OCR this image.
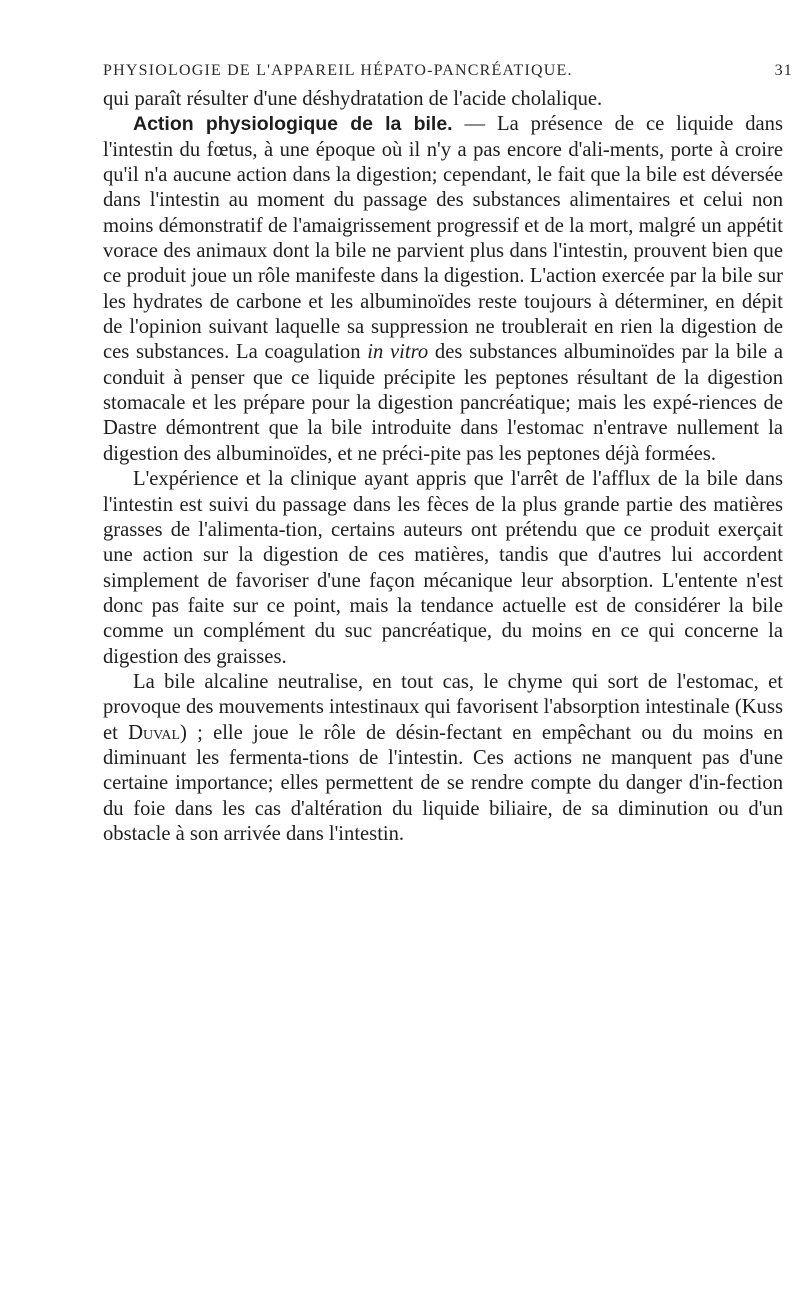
PHYSIOLOGIE DE L'APPAREIL HÉPATO-PANCRÉATIQUE.	31

qui paraît résulter d'une déshydratation de l'acide cholalique.

Action physiologique de la bile. — La présence de ce liquide dans l'intestin du fœtus, à une époque où il n'y a pas encore d'ali-ments, porte à croire qu'il n'a aucune action dans la digestion; cependant, le fait que la bile est déversée dans l'intestin au moment du passage des substances alimentaires et celui non moins démonstratif de l'amaigrissement progressif et de la mort, malgré un appétit vorace des animaux dont la bile ne parvient plus dans l'intestin, prouvent bien que ce produit joue un rôle manifeste dans la digestion. L'action exercée par la bile sur les hydrates de carbone et les albuminoïdes reste toujours à déterminer, en dépit de l'opinion suivant laquelle sa suppression ne troublerait en rien la digestion de ces substances. La coagulation in vitro des substances albuminoïdes par la bile a conduit à penser que ce liquide précipite les peptones résultant de la digestion stomacale et les prépare pour la digestion pancréatique; mais les expé-riences de Dastre démontrent que la bile introduite dans l'estomac n'entrave nullement la digestion des albuminoïdes, et ne préci-pite pas les peptones déjà formées.

L'expérience et la clinique ayant appris que l'arrêt de l'afflux de la bile dans l'intestin est suivi du passage dans les fèces de la plus grande partie des matières grasses de l'alimenta-tion, certains auteurs ont prétendu que ce produit exerçait une action sur la digestion de ces matières, tandis que d'autres lui accordent simplement de favoriser d'une façon mécanique leur absorption. L'entente n'est donc pas faite sur ce point, mais la tendance actuelle est de considérer la bile comme un complément du suc pancréatique, du moins en ce qui concerne la digestion des graisses.

La bile alcaline neutralise, en tout cas, le chyme qui sort de l'estomac, et provoque des mouvements intestinaux qui favorisent l'absorption intestinale (Kuss et Duval) ; elle joue le rôle de désin-fectant en empêchant ou du moins en diminuant les fermenta-tions de l'intestin. Ces actions ne manquent pas d'une certaine importance; elles permettent de se rendre compte du danger d'in-fection du foie dans les cas d'altération du liquide biliaire, de sa diminution ou d'un obstacle à son arrivée dans l'intestin.
